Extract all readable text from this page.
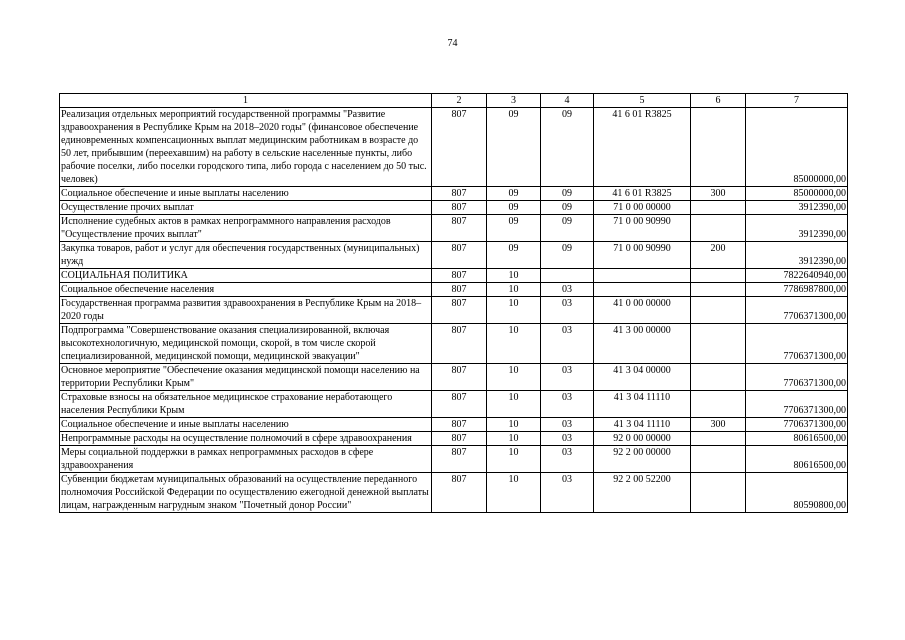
74
1	2	3	4	5	6	7
Реализация отдельных мероприятий государственной программы "Развитие здравоохранения в Республике Крым на 2018–2020 годы" (финансовое обеспечение единовременных компенсационных выплат медицинским работникам в возрасте до 50 лет, прибывшим (переехавшим) на работу в сельские населенные пункты, либо рабочие поселки, либо поселки городского типа, либо города с населением до 50 тыс. человек)	807	09	09	41 6 01 R3825		85000000,00
Социальное обеспечение и иные выплаты населению	807	09	09	41 6 01 R3825	300	85000000,00
Осуществление прочих выплат	807	09	09	71 0 00 00000		3912390,00
Исполнение судебных актов в рамках непрограммного направления расходов "Осуществление прочих выплат"	807	09	09	71 0 00 90990		3912390,00
Закупка товаров, работ и услуг для обеспечения государственных (муниципальных) нужд	807	09	09	71 0 00 90990	200	3912390,00
СОЦИАЛЬНАЯ ПОЛИТИКА	807	10				7822640940,00
Социальное обеспечение населения	807	10	03			7786987800,00
Государственная программа развития здравоохранения в Республике Крым на 2018–2020 годы	807	10	03	41 0 00 00000		7706371300,00
Подпрограмма "Совершенствование оказания специализированной, включая высокотехнологичную, медицинской помощи, скорой, в том числе скорой специализированной, медицинской помощи, медицинской эвакуации"	807	10	03	41 3 00 00000		7706371300,00
Основное мероприятие "Обеспечение оказания медицинской помощи населению на территории Республики Крым"	807	10	03	41 3 04 00000		7706371300,00
Страховые взносы на обязательное медицинское страхование неработающего населения Республики Крым	807	10	03	41 3 04 11110		7706371300,00
Социальное обеспечение и иные выплаты населению	807	10	03	41 3 04 11110	300	7706371300,00
Непрограммные расходы на осуществление полномочий в сфере здравоохранения	807	10	03	92 0 00 00000		80616500,00
Меры социальной поддержки в рамках непрограммных расходов в сфере здравоохранения	807	10	03	92 2 00 00000		80616500,00
Субвенции бюджетам муниципальных образований на осуществление переданного полномочия Российской Федерации по осуществлению ежегодной денежной выплаты лицам, награжденным нагрудным знаком "Почетный донор России"	807	10	03	92 2 00 52200		80590800,00
